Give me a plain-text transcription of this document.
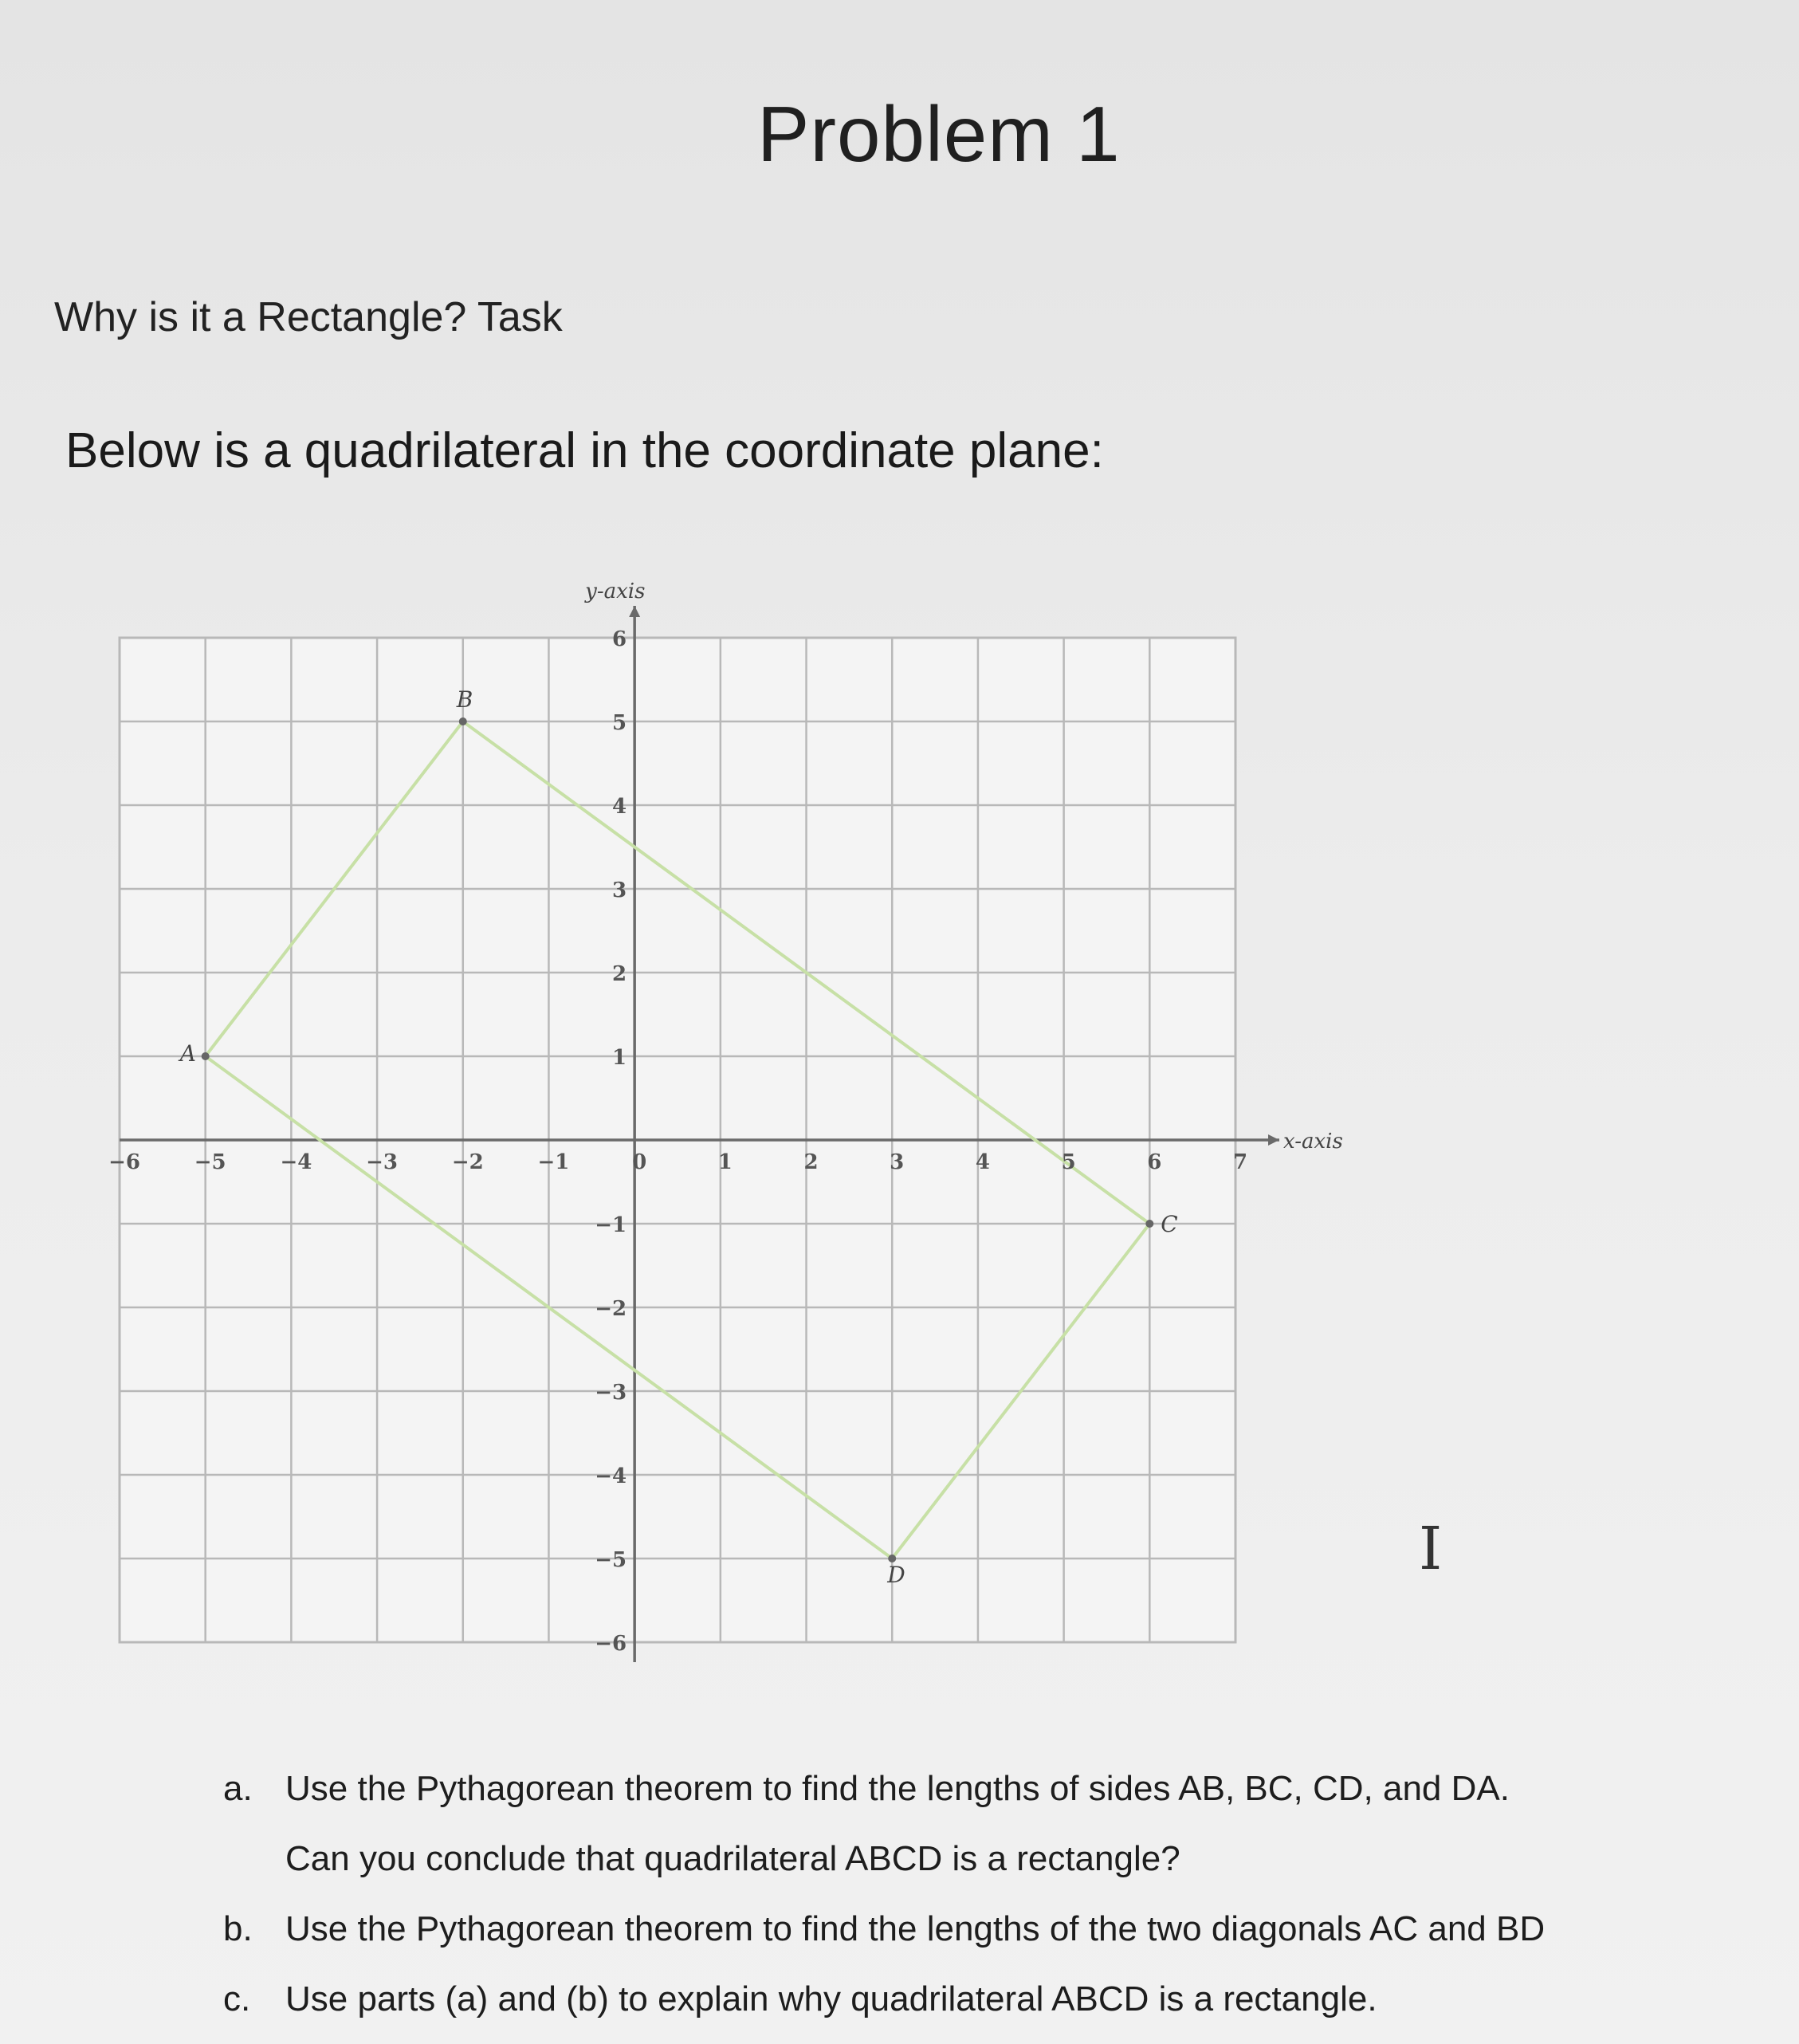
Problem 1
Why is it a Rectangle? Task
Below is a quadrilateral in the coordinate plane:
x-axis
y-axis
−6	−5	−4	−3	−2	−1	0	1	2	3	4	5	6	7
6
5
4
3
2
1
−1
−2
−3
−4
−5
−6
A
B
C
D
a. Use the Pythagorean theorem to find the lengths of sides AB, BC, CD, and DA.
Can you conclude that quadrilateral ABCD is a rectangle?
b. Use the Pythagorean theorem to find the lengths of the two diagonals AC and BD
c. Use parts (a) and (b) to explain why quadrilateral ABCD is a rectangle.
I
